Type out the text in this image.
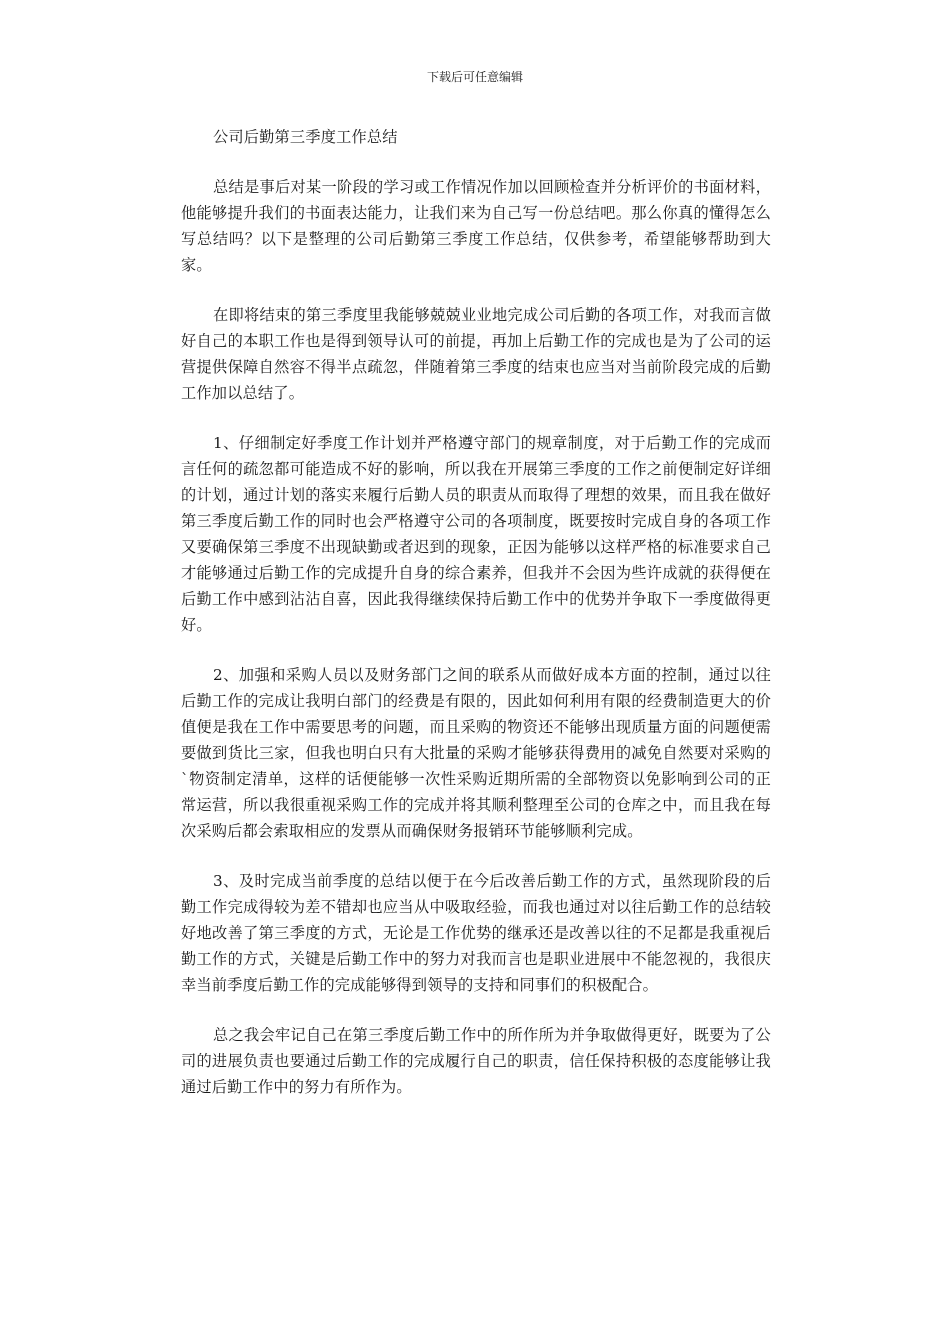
下载后可任意编辑
公司后勤第三季度工作总结

总结是事后对某一阶段的学习或工作情况作加以回顾检查并分析评价的书面材料，他能够提升我们的书面表达能力，让我们来为自己写一份总结吧。那么你真的懂得怎么写总结吗？以下是整理的公司后勤第三季度工作总结，仅供参考，希望能够帮助到大家。

在即将结束的第三季度里我能够兢兢业业地完成公司后勤的各项工作，对我而言做好自己的本职工作也是得到领导认可的前提，再加上后勤工作的完成也是为了公司的运营提供保障自然容不得半点疏忽，伴随着第三季度的结束也应当对当前阶段完成的后勤工作加以总结了。

1、仔细制定好季度工作计划并严格遵守部门的规章制度，对于后勤工作的完成而言任何的疏忽都可能造成不好的影响，所以我在开展第三季度的工作之前便制定好详细的计划，通过计划的落实来履行后勤人员的职责从而取得了理想的效果，而且我在做好第三季度后勤工作的同时也会严格遵守公司的各项制度，既要按时完成自身的各项工作又要确保第三季度不出现缺勤或者迟到的现象，正因为能够以这样严格的标准要求自己才能够通过后勤工作的完成提升自身的综合素养，但我并不会因为些许成就的获得便在后勤工作中感到沾沾自喜，因此我得继续保持后勤工作中的优势并争取下一季度做得更好。

2、加强和采购人员以及财务部门之间的联系从而做好成本方面的控制，通过以往后勤工作的完成让我明白部门的经费是有限的，因此如何利用有限的经费制造更大的价值便是我在工作中需要思考的问题，而且采购的物资还不能够出现质量方面的问题便需要做到货比三家，但我也明白只有大批量的采购才能够获得费用的减免自然要对采购的`物资制定清单，这样的话便能够一次性采购近期所需的全部物资以免影响到公司的正常运营，所以我很重视采购工作的完成并将其顺利整理至公司的仓库之中，而且我在每次采购后都会索取相应的发票从而确保财务报销环节能够顺利完成。

3、及时完成当前季度的总结以便于在今后改善后勤工作的方式，虽然现阶段的后勤工作完成得较为差不错却也应当从中吸取经验，而我也通过对以往后勤工作的总结较好地改善了第三季度的方式，无论是工作优势的继承还是改善以往的不足都是我重视后勤工作的方式，关键是后勤工作中的努力对我而言也是职业进展中不能忽视的，我很庆幸当前季度后勤工作的完成能够得到领导的支持和同事们的积极配合。

总之我会牢记自己在第三季度后勤工作中的所作所为并争取做得更好，既要为了公司的进展负责也要通过后勤工作的完成履行自己的职责，信任保持积极的态度能够让我通过后勤工作中的努力有所作为。
